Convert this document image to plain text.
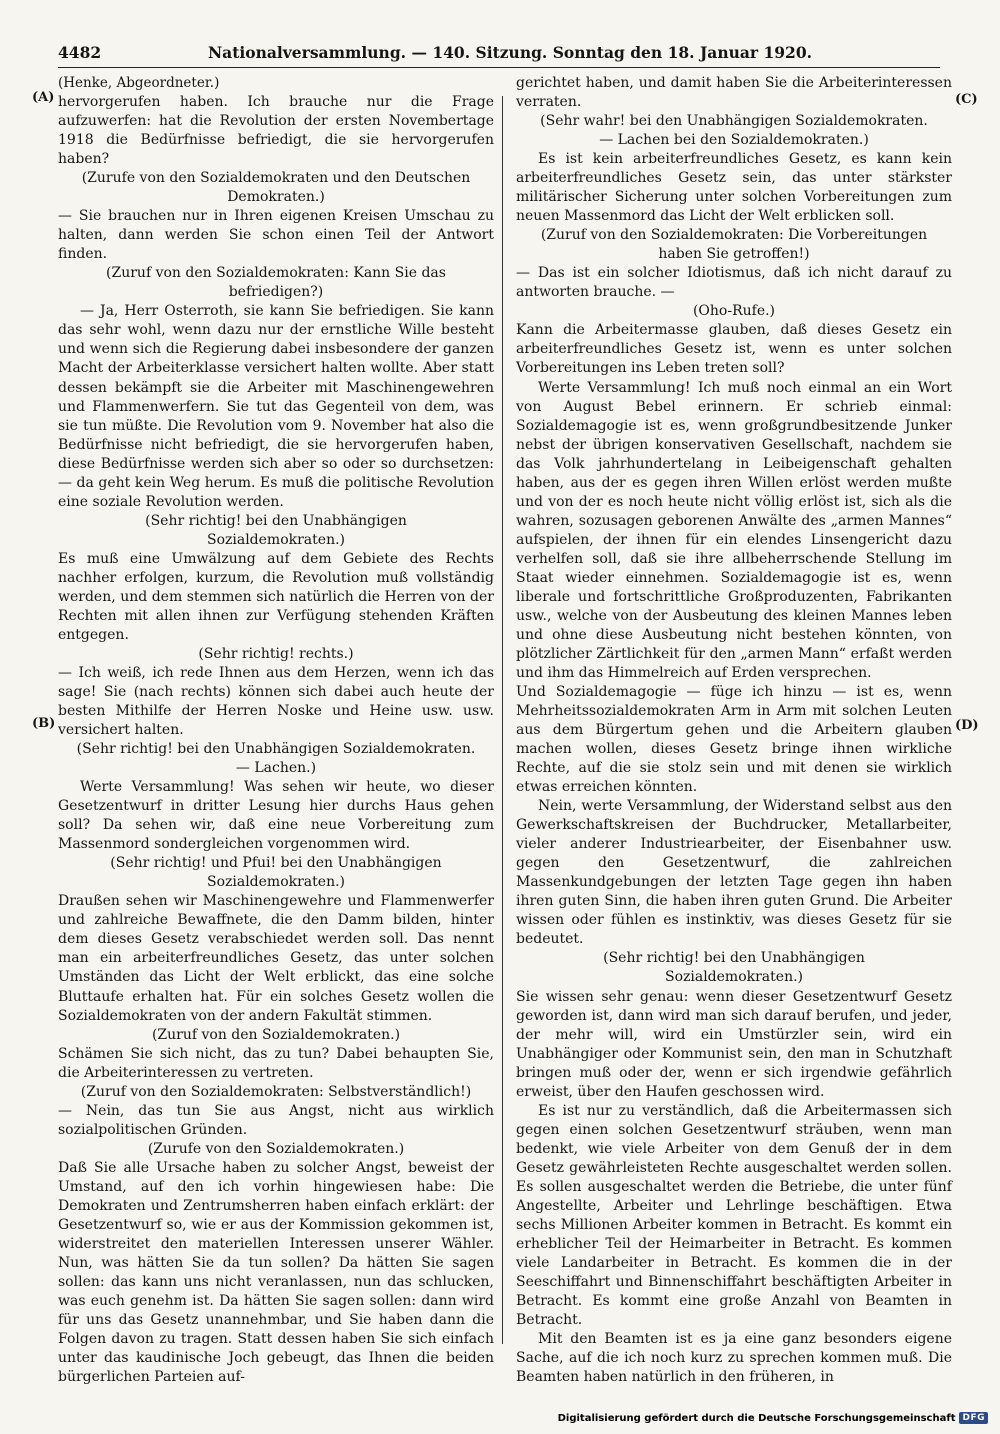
4482	Nationalversammlung. — 140. Sitzung. Sonntag den 18. Januar 1920.
(A)
(B)
(C)
(D)

(Henke, Abgeordneter.)

hervorgerufen haben. Ich brauche nur die Frage aufzuwerfen: hat die Revolution der ersten Novembertage 1918 die Bedürfnisse befriedigt, die sie hervorgerufen haben?

(Zurufe von den Sozialdemokraten und den Deutschen Demokraten.)

— Sie brauchen nur in Ihren eigenen Kreisen Umschau zu halten, dann werden Sie schon einen Teil der Antwort finden.

(Zuruf von den Sozialdemokraten: Kann Sie das befriedigen?)

— Ja, Herr Osterroth, sie kann Sie befriedigen. Sie kann das sehr wohl, wenn dazu nur der ernstliche Wille besteht und wenn sich die Regierung dabei insbesondere der ganzen Macht der Arbeiterklasse versichert halten wollte. Aber statt dessen bekämpft sie die Arbeiter mit Maschinengewehren und Flammenwerfern. Sie tut das Gegenteil von dem, was sie tun müßte. Die Revolution vom 9. November hat also die Bedürfnisse nicht befriedigt, die sie hervorgerufen haben, diese Bedürfnisse werden sich aber so oder so durchsetzen: — da geht kein Weg herum. Es muß die politische Revolution eine soziale Revolution werden.

(Sehr richtig! bei den Unabhängigen Sozialdemokraten.)

Es muß eine Umwälzung auf dem Gebiete des Rechts nachher erfolgen, kurzum, die Revolution muß vollständig werden, und dem stemmen sich natürlich die Herren von der Rechten mit allen ihnen zur Verfügung stehenden Kräften entgegen.

(Sehr richtig! rechts.)

— Ich weiß, ich rede Ihnen aus dem Herzen, wenn ich das sage! Sie (nach rechts) können sich dabei auch heute der besten Mithilfe der Herren Noske und Heine usw. usw. versichert halten.

(Sehr richtig! bei den Unabhängigen Sozialdemokraten. — Lachen.)

Werte Versammlung! Was sehen wir heute, wo dieser Gesetzentwurf in dritter Lesung hier durchs Haus gehen soll? Da sehen wir, daß eine neue Vorbereitung zum Massenmord sondergleichen vorgenommen wird.

(Sehr richtig! und Pfui! bei den Unabhängigen Sozialdemokraten.)

Draußen sehen wir Maschinengewehre und Flammenwerfer und zahlreiche Bewaffnete, die den Damm bilden, hinter dem dieses Gesetz verabschiedet werden soll. Das nennt man ein arbeiterfreundliches Gesetz, das unter solchen Umständen das Licht der Welt erblickt, das eine solche Bluttaufe erhalten hat. Für ein solches Gesetz wollen die Sozialdemokraten von der andern Fakultät stimmen.

(Zuruf von den Sozialdemokraten.)

Schämen Sie sich nicht, das zu tun? Dabei behaupten Sie, die Arbeiterinteressen zu vertreten.

(Zuruf von den Sozialdemokraten: Selbstverständlich!)

— Nein, das tun Sie aus Angst, nicht aus wirklich sozialpolitischen Gründen.

(Zurufe von den Sozialdemokraten.)

Daß Sie alle Ursache haben zu solcher Angst, beweist der Umstand, auf den ich vorhin hingewiesen habe: Die Demokraten und Zentrumsherren haben einfach erklärt: der Gesetzentwurf so, wie er aus der Kommission gekommen ist, widerstreitet den materiellen Interessen unserer Wähler. Nun, was hätten Sie da tun sollen? Da hätten Sie sagen sollen: das kann uns nicht veranlassen, nun das schlucken, was euch genehm ist. Da hätten Sie sagen sollen: dann wird für uns das Gesetz unannehmbar, und Sie haben dann die Folgen davon zu tragen. Statt dessen haben Sie sich einfach unter das kaudinische Joch gebeugt, das Ihnen die beiden bürgerlichen Parteien auf-

gerichtet haben, und damit haben Sie die Arbeiterinteressen verraten.

(Sehr wahr! bei den Unabhängigen Sozialdemokraten. — Lachen bei den Sozialdemokraten.)

Es ist kein arbeiterfreundliches Gesetz, es kann kein arbeiterfreundliches Gesetz sein, das unter stärkster militärischer Sicherung unter solchen Vorbereitungen zum neuen Massenmord das Licht der Welt erblicken soll.

(Zuruf von den Sozialdemokraten: Die Vorbereitungen haben Sie getroffen!)

— Das ist ein solcher Idiotismus, daß ich nicht darauf zu antworten brauche. —

(Oho-Rufe.)

Kann die Arbeitermasse glauben, daß dieses Gesetz ein arbeiterfreundliches Gesetz ist, wenn es unter solchen Vorbereitungen ins Leben treten soll?

Werte Versammlung! Ich muß noch einmal an ein Wort von August Bebel erinnern. Er schrieb einmal: Sozialdemagogie ist es, wenn großgrundbesitzende Junker nebst der übrigen konservativen Gesellschaft, nachdem sie das Volk jahrhundertelang in Leibeigenschaft gehalten haben, aus der es gegen ihren Willen erlöst werden mußte und von der es noch heute nicht völlig erlöst ist, sich als die wahren, sozusagen geborenen Anwälte des „armen Mannes“ aufspielen, der ihnen für ein elendes Linsengericht dazu verhelfen soll, daß sie ihre allbeherrschende Stellung im Staat wieder einnehmen. Sozialdemagogie ist es, wenn liberale und fortschrittliche Großproduzenten, Fabrikanten usw., welche von der Ausbeutung des kleinen Mannes leben und ohne diese Ausbeutung nicht bestehen könnten, von plötzlicher Zärtlichkeit für den „armen Mann“ erfaßt werden und ihm das Himmelreich auf Erden versprechen.

Und Sozialdemagogie — füge ich hinzu — ist es, wenn Mehrheitssozialdemokraten Arm in Arm mit solchen Leuten aus dem Bürgertum gehen und die Arbeitern glauben machen wollen, dieses Gesetz bringe ihnen wirkliche Rechte, auf die sie stolz sein und mit denen sie wirklich etwas erreichen könnten.

Nein, werte Versammlung, der Widerstand selbst aus den Gewerkschaftskreisen der Buchdrucker, Metallarbeiter, vieler anderer Industriearbeiter, der Eisenbahner usw. gegen den Gesetzentwurf, die zahlreichen Massenkundgebungen der letzten Tage gegen ihn haben ihren guten Sinn, die haben ihren guten Grund. Die Arbeiter wissen oder fühlen es instinktiv, was dieses Gesetz für sie bedeutet.

(Sehr richtig! bei den Unabhängigen Sozialdemokraten.)

Sie wissen sehr genau: wenn dieser Gesetzentwurf Gesetz geworden ist, dann wird man sich darauf berufen, und jeder, der mehr will, wird ein Umstürzler sein, wird ein Unabhängiger oder Kommunist sein, den man in Schutzhaft bringen muß oder der, wenn er sich irgendwie gefährlich erweist, über den Haufen geschossen wird.

Es ist nur zu verständlich, daß die Arbeitermassen sich gegen einen solchen Gesetzentwurf sträuben, wenn man bedenkt, wie viele Arbeiter von dem Genuß der in dem Gesetz gewährleisteten Rechte ausgeschaltet werden sollen. Es sollen ausgeschaltet werden die Betriebe, die unter fünf Angestellte, Arbeiter und Lehrlinge beschäftigen. Etwa sechs Millionen Arbeiter kommen in Betracht. Es kommt ein erheblicher Teil der Heimarbeiter in Betracht. Es kommen viele Landarbeiter in Betracht. Es kommen die in der Seeschiffahrt und Binnenschiffahrt beschäftigten Arbeiter in Betracht. Es kommt eine große Anzahl von Beamten in Betracht.

Mit den Beamten ist es ja eine ganz besonders eigene Sache, auf die ich noch kurz zu sprechen kommen muß. Die Beamten haben natürlich in den früheren, in

Digitalisierung gefördert durch die Deutsche Forschungsgemeinschaft DFG
